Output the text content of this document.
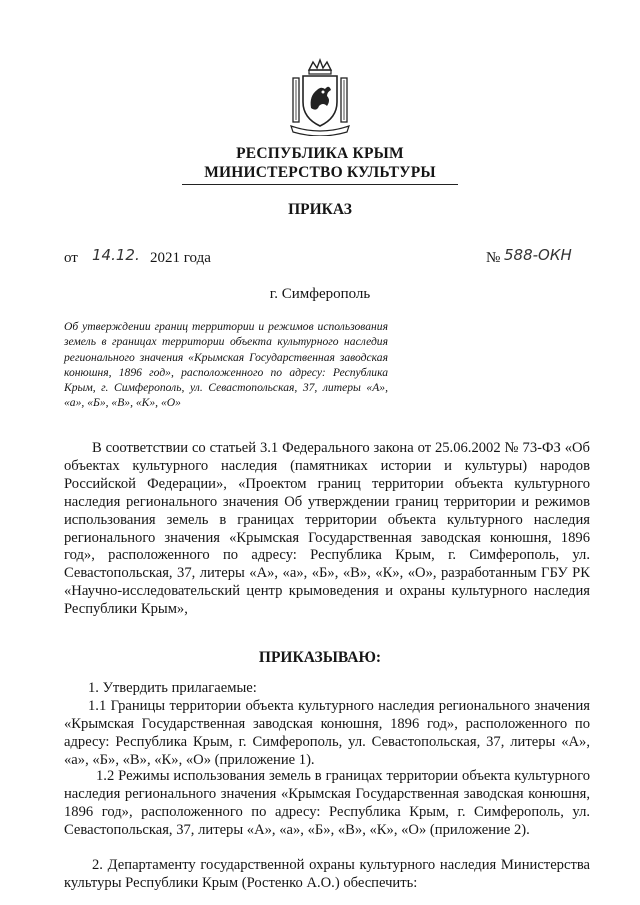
РЕСПУБЛИКА КРЫМ
МИНИСТЕРСТВО КУЛЬТУРЫ
ПРИКАЗ
от 14.12. 2021 года	№ 588-ОКН
г. Симферополь
Об утверждении границ территории и режимов использования земель в границах территории объекта культурного наследия регионального значения «Крымская Государственная заводская конюшня, 1896 год», расположенного по адресу: Республика Крым, г. Симферополь, ул. Севастопольская, 37, литеры «А», «а», «Б», «В», «К», «О»
В соответствии со статьей 3.1 Федерального закона от 25.06.2002 № 73-ФЗ «Об объектах культурного наследия (памятниках истории и культуры) народов Российской Федерации», «Проектом границ территории объекта культурного наследия регионального значения Об утверждении границ территории и режимов использования земель в границах территории объекта культурного наследия регионального значения «Крымская Государственная заводская конюшня, 1896 год», расположенного по адресу: Республика Крым, г. Симферополь, ул. Севастопольская, 37, литеры «А», «а», «Б», «В», «К», «О», разработанным ГБУ РК «Научно-исследовательский центр крымоведения и охраны культурного наследия Республики Крым»,
ПРИКАЗЫВАЮ:
1. Утвердить прилагаемые:
1.1 Границы территории объекта культурного наследия регионального значения «Крымская Государственная заводская конюшня, 1896 год», расположенного по адресу: Республика Крым, г. Симферополь, ул. Севастопольская, 37, литеры «А», «а», «Б», «В», «К», «О» (приложение 1).
1.2 Режимы использования земель в границах территории объекта культурного наследия регионального значения «Крымская Государственная заводская конюшня, 1896 год», расположенного по адресу: Республика Крым, г. Симферополь, ул. Севастопольская, 37, литеры «А», «а», «Б», «В», «К», «О» (приложение 2).
2. Департаменту государственной охраны культурного наследия Министерства культуры Республики Крым (Ростенко А.О.) обеспечить:
